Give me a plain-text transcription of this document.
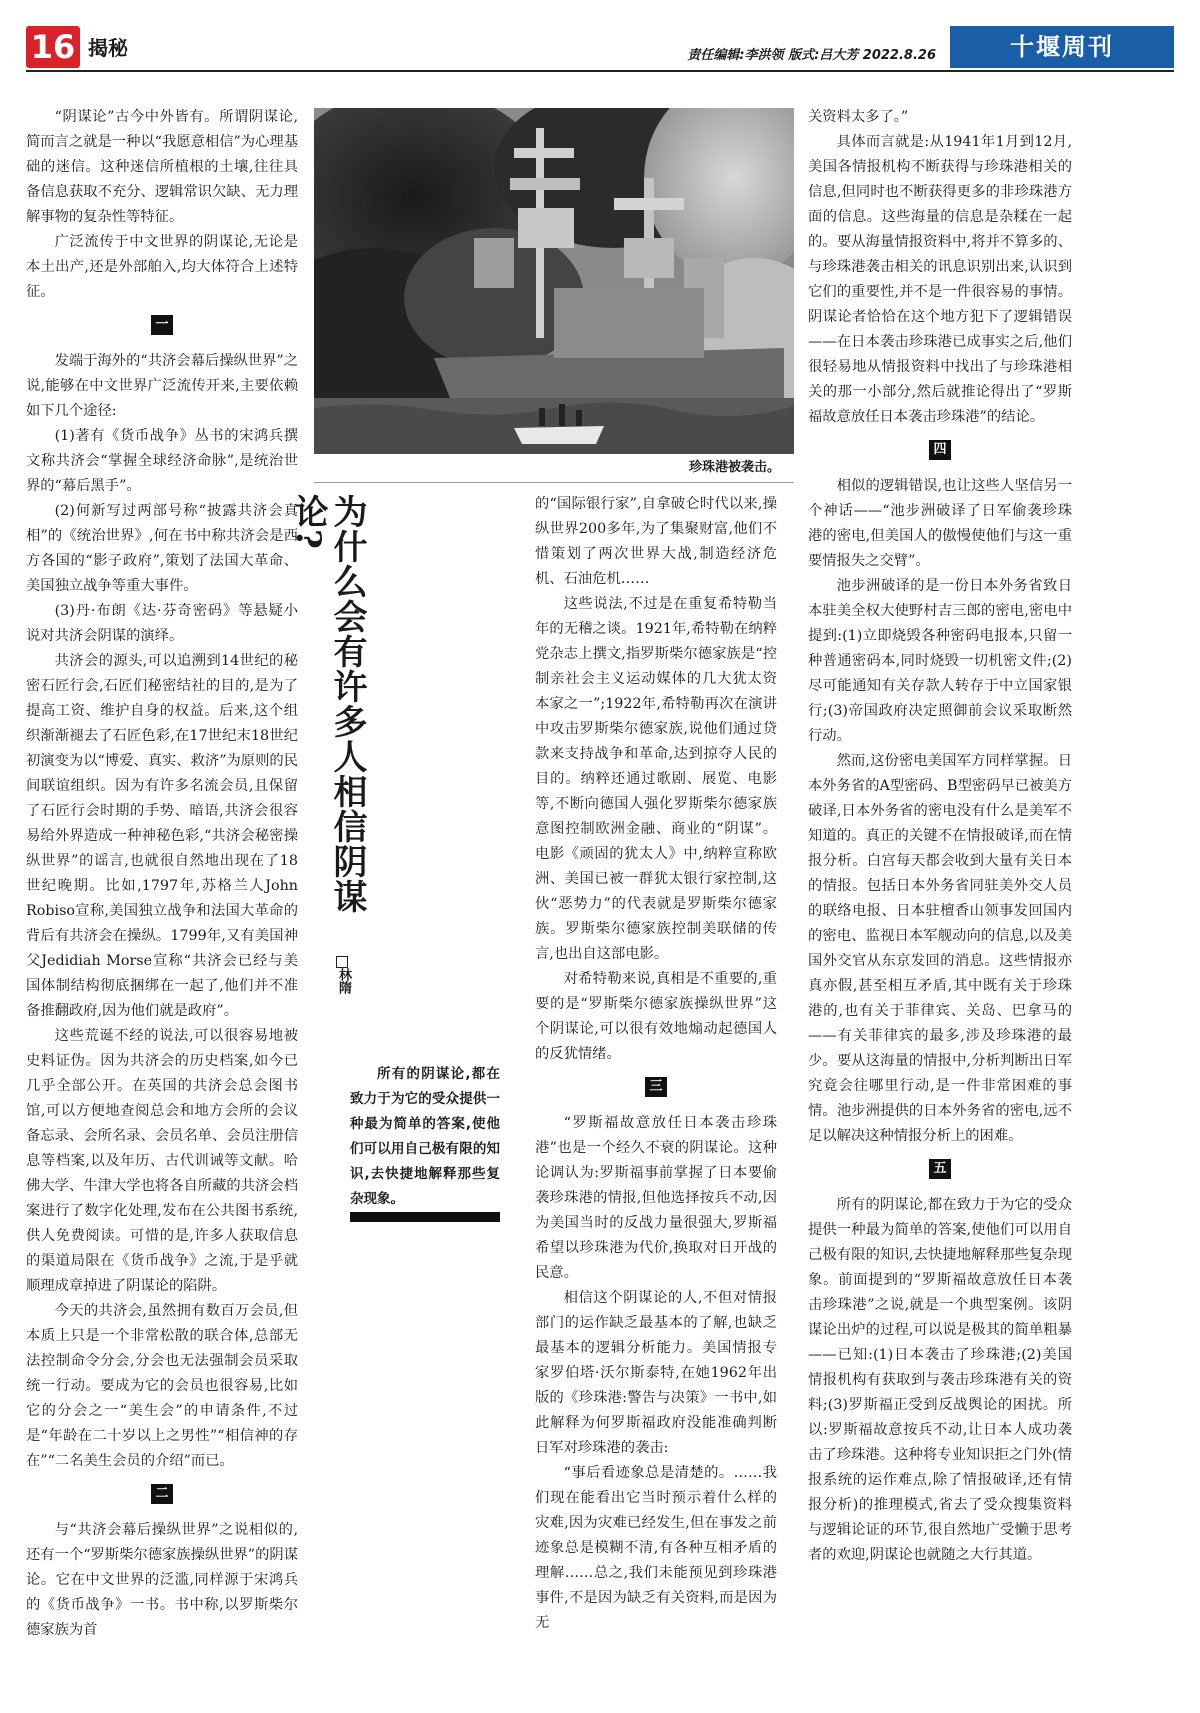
16 揭秘	责任编辑:李洪领 版式:吕大芳 2022.8.26	十堰周刊

“阴谋论”古今中外皆有。所谓阴谋论,简而言之就是一种以“我愿意相信”为心理基础的迷信。这种迷信所植根的土壤,往往具备信息获取不充分、逻辑常识欠缺、无力理解事物的复杂性等特征。

广泛流传于中文世界的阴谋论,无论是本土出产,还是外部舶入,均大体符合上述特征。

一

发端于海外的“共济会幕后操纵世界”之说,能够在中文世界广泛流传开来,主要依赖如下几个途径:

(1)著有《货币战争》丛书的宋鸿兵撰文称共济会“掌握全球经济命脉”,是统治世界的“幕后黑手”。

(2)何新写过两部号称“披露共济会真相”的《统治世界》,何在书中称共济会是西方各国的“影子政府”,策划了法国大革命、美国独立战争等重大事件。

(3)丹·布朗《达·芬奇密码》等悬疑小说对共济会阴谋的演绎。

共济会的源头,可以追溯到14世纪的秘密石匠行会,石匠们秘密结社的目的,是为了提高工资、维护自身的权益。后来,这个组织渐渐褪去了石匠色彩,在17世纪末18世纪初演变为以“博爱、真实、救济”为原则的民间联谊组织。因为有许多名流会员,且保留了石匠行会时期的手势、暗语,共济会很容易给外界造成一种神秘色彩,“共济会秘密操纵世界”的谣言,也就很自然地出现在了18世纪晚期。比如,1797年,苏格兰人John Robiso宣称,美国独立战争和法国大革命的背后有共济会在操纵。1799年,又有美国神父Jedidiah Morse宣称“共济会已经与美国体制结构彻底捆绑在一起了,他们并不准备推翻政府,因为他们就是政府”。

这些荒诞不经的说法,可以很容易地被史料证伪。因为共济会的历史档案,如今已几乎全部公开。在英国的共济会总会图书馆,可以方便地查阅总会和地方会所的会议备忘录、会所名录、会员名单、会员注册信息等档案,以及年历、古代训诫等文献。哈佛大学、牛津大学也将各自所藏的共济会档案进行了数字化处理,发布在公共图书系统,供人免费阅读。可惜的是,许多人获取信息的渠道局限在《货币战争》之流,于是乎就顺理成章掉进了阴谋论的陷阱。

今天的共济会,虽然拥有数百万会员,但本质上只是一个非常松散的联合体,总部无法控制命令分会,分会也无法强制会员采取统一行动。要成为它的会员也很容易,比如它的分会之一“美生会”的申请条件,不过是“年龄在二十岁以上之男性”“相信神的存在”“二名美生会员的介绍”而已。

二

与“共济会幕后操纵世界”之说相似的,还有一个“罗斯柴尔德家族操纵世界”的阴谋论。它在中文世界的泛滥,同样源于宋鸿兵的《货币战争》一书。书中称,以罗斯柴尔德家族为首

珍珠港被袭击。
为什么会有许多人相信阴谋论?
林隋
所有的阴谋论,都在致力于为它的受众提供一种最为简单的答案,使他们可以用自己极有限的知识,去快捷地解释那些复杂现象。

的“国际银行家”,自拿破仑时代以来,操纵世界200多年,为了集聚财富,他们不惜策划了两次世界大战,制造经济危机、石油危机……

这些说法,不过是在重复希特勒当年的无稽之谈。1921年,希特勒在纳粹党杂志上撰文,指罗斯柴尔德家族是“控制亲社会主义运动媒体的几大犹太资本家之一”;1922年,希特勒再次在演讲中攻击罗斯柴尔德家族,说他们通过贷款来支持战争和革命,达到掠夺人民的目的。纳粹还通过歌剧、展览、电影等,不断向德国人强化罗斯柴尔德家族意图控制欧洲金融、商业的“阴谋”。电影《顽固的犹太人》中,纳粹宣称欧洲、美国已被一群犹太银行家控制,这伙“恶势力”的代表就是罗斯柴尔德家族。罗斯柴尔德家族控制美联储的传言,也出自这部电影。

对希特勒来说,真相是不重要的,重要的是“罗斯柴尔德家族操纵世界”这个阴谋论,可以很有效地煽动起德国人的反犹情绪。

三

“罗斯福故意放任日本袭击珍珠港”也是一个经久不衰的阴谋论。这种论调认为:罗斯福事前掌握了日本要偷袭珍珠港的情报,但他选择按兵不动,因为美国当时的反战力量很强大,罗斯福希望以珍珠港为代价,换取对日开战的民意。

相信这个阴谋论的人,不但对情报部门的运作缺乏最基本的了解,也缺乏最基本的逻辑分析能力。美国情报专家罗伯塔·沃尔斯泰特,在她1962年出版的《珍珠港:警告与决策》一书中,如此解释为何罗斯福政府没能准确判断日军对珍珠港的袭击:

“事后看迹象总是清楚的。……我们现在能看出它当时预示着什么样的灾难,因为灾难已经发生,但在事发之前迹象总是模糊不清,有各种互相矛盾的理解……总之,我们未能预见到珍珠港事件,不是因为缺乏有关资料,而是因为无

关资料太多了。”

具体而言就是:从1941年1月到12月,美国各情报机构不断获得与珍珠港相关的信息,但同时也不断获得更多的非珍珠港方面的信息。这些海量的信息是杂糅在一起的。要从海量情报资料中,将并不算多的、与珍珠港袭击相关的讯息识别出来,认识到它们的重要性,并不是一件很容易的事情。阴谋论者恰恰在这个地方犯下了逻辑错误——在日本袭击珍珠港已成事实之后,他们很轻易地从情报资料中找出了与珍珠港相关的那一小部分,然后就推论得出了“罗斯福故意放任日本袭击珍珠港”的结论。

四

相似的逻辑错误,也让这些人坚信另一个神话——“池步洲破译了日军偷袭珍珠港的密电,但美国人的傲慢使他们与这一重要情报失之交臂”。

池步洲破译的是一份日本外务省致日本驻美全权大使野村吉三郎的密电,密电中提到:(1)立即烧毁各种密码电报本,只留一种普通密码本,同时烧毁一切机密文件;(2)尽可能通知有关存款人转存于中立国家银行;(3)帝国政府决定照御前会议采取断然行动。

然而,这份密电美国军方同样掌握。日本外务省的A型密码、B型密码早已被美方破译,日本外务省的密电没有什么是美军不知道的。真正的关键不在情报破译,而在情报分析。白宫每天都会收到大量有关日本的情报。包括日本外务省同驻美外交人员的联络电报、日本驻檀香山领事发回国内的密电、监视日本军舰动向的信息,以及美国外交官从东京发回的消息。这些情报亦真亦假,甚至相互矛盾,其中既有关于珍珠港的,也有关于菲律宾、关岛、巴拿马的——有关菲律宾的最多,涉及珍珠港的最少。要从这海量的情报中,分析判断出日军究竟会往哪里行动,是一件非常困难的事情。池步洲提供的日本外务省的密电,远不足以解决这种情报分析上的困难。

五

所有的阴谋论,都在致力于为它的受众提供一种最为简单的答案,使他们可以用自己极有限的知识,去快捷地解释那些复杂现象。前面提到的“罗斯福故意放任日本袭击珍珠港”之说,就是一个典型案例。该阴谋论出炉的过程,可以说是极其的简单粗暴——已知:(1)日本袭击了珍珠港;(2)美国情报机构有获取到与袭击珍珠港有关的资料;(3)罗斯福正受到反战舆论的困扰。所以:罗斯福故意按兵不动,让日本人成功袭击了珍珠港。这种将专业知识拒之门外(情报系统的运作难点,除了情报破译,还有情报分析)的推理模式,省去了受众搜集资料与逻辑论证的环节,很自然地广受懒于思考者的欢迎,阴谋论也就随之大行其道。
